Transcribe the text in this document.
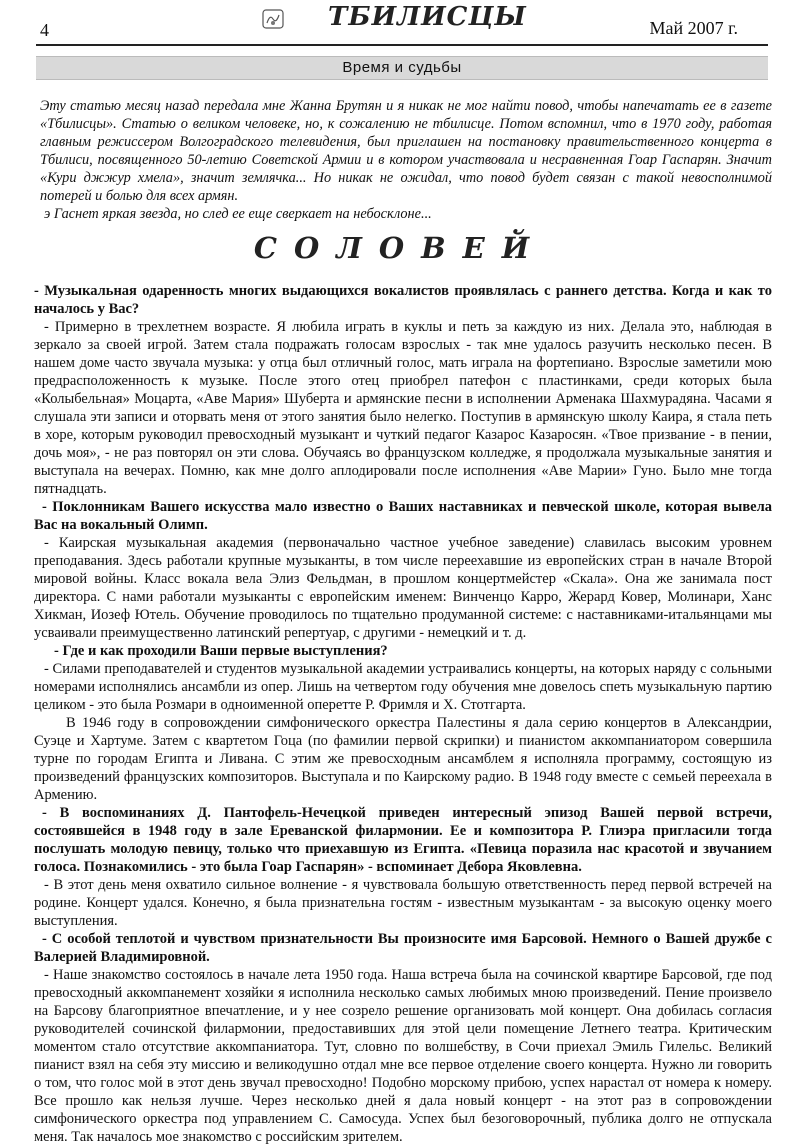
4	ТБИЛИСЦЫ	Май 2007 г.
Время и судьбы

Эту статью месяц назад передала мне Жанна Брутян и я никак не мог найти повод, чтобы напечатать ее в газете «Тбилисцы». Статью о великом человеке, но, к сожалению не тбилисце. Потом вспомнил, что в 1970 году, работая главным режиссером Волгоградского телевидения, был приглашен на постановку правительственного концерта в Тбилиси, посвященного 50-летию Советской Армии и в котором участвовала и несравненная Гоар Гаспарян. Значит «Кури джжур хмела», значит землячка... Но никак не ожидал, что повод будет связан с такой невосполнимой потерей и болью для всех армян.

э Гаснет яркая звезда, но след ее еще сверкает на небосклоне...

СОЛОВЕЙ

- Музыкальная одаренность многих выдающихся вокалистов проявлялась с раннего детства. Когда и как то началось у Вас?

- Примерно в трехлетнем возрасте. Я любила играть в куклы и петь за каждую из них. Делала это, наблюдая в зеркало за своей игрой. Затем стала подражать голосам взрослых - так мне удалось разучить несколько песен. В нашем доме часто звучала музыка: у отца был отличный голос, мать играла на фортепиано. Взрослые заметили мою предрасположенность к музыке. После этого отец приобрел патефон с пластинками, среди которых была «Колыбельная» Моцарта, «Аве Мария» Шуберта и армянские песни в исполнении Арменака Шахмурадяна. Часами я слушала эти записи и оторвать меня от этого занятия было нелегко. Поступив в армянскую школу Каира, я стала петь в хоре, которым руководил превосходный музыкант и чуткий педагог Казарос Казаросян. «Твое призвание - в пении, дочь моя», - не раз повторял он эти слова. Обучаясь во французском колледже, я продолжала музыкальные занятия и выступала на вечерах. Помню, как мне долго аплодировали после исполнения «Аве Марии» Гуно. Было мне тогда пятнадцать.

- Поклонникам Вашего искусства мало известно о Ваших наставниках и певческой школе, которая вывела Вас на вокальный Олимп.

- Каирская музыкальная академия (первоначально частное учебное заведение) славилась высоким уровнем преподавания. Здесь работали крупные музыканты, в том числе переехавшие из европейских стран в начале Второй мировой войны. Класс вокала вела Элиз Фельдман, в прошлом концертмейстер «Скала». Она же занимала пост директора. С нами работали музыканты с европейским именем: Винченцо Карро, Жерард Ковер, Молинари, Ханс Хикман, Иозеф Ютель. Обучение проводилось по тщательно продуманной системе: с наставниками-итальянцами мы усваивали преимущественно латинский репертуар, с другими - немецкий и т. д.

- Где и как проходили Ваши первые выступления?

- Силами преподавателей и студентов музыкальной академии устраивались концерты, на которых наряду с сольными номерами исполнялись ансамбли из опер. Лишь на четвертом году обучения мне довелось спеть музыкальную партию целиком - это была Розмари в одноименной оперетте Р. Фримля и Х. Стотгарта.

В 1946 году в сопровождении симфонического оркестра Палестины я дала серию концертов в Александрии, Суэце и Хартуме. Затем с квартетом Гоца (по фамилии первой скрипки) и пианистом аккомпаниатором совершила турне по городам Египта и Ливана. С этим же превосходным ансамблем я исполняла программу, состоящую из произведений французских композиторов. Выступала и по Каирскому радио. В 1948 году вместе с семьей переехала в Армению.

- В воспоминаниях Д. Пантофель-Нечецкой приведен интересный эпизод Вашей первой встречи, состоявшейся в 1948 году в зале Ереванской филармонии. Ее и композитора Р. Глиэра пригласили тогда послушать молодую певицу, только что приехавшую из Египта. «Певица поразила нас красотой и звучанием голоса. Познакомились - это была Гоар Гаспарян» - вспоминает Дебора Яковлевна.

- В этот день меня охватило сильное волнение - я чувствовала большую ответственность перед первой встречей на родине. Концерт удался. Конечно, я была признательна гостям - известным музыкантам - за высокую оценку моего выступления.

- С особой теплотой и чувством признательности Вы произносите имя Барсовой. Немного о Вашей дружбе с Валерией Владимировной.

- Наше знакомство состоялось в начале лета 1950 года. Наша встреча была на сочинской квартире Барсовой, где под превосходный аккомпанемент хозяйки я исполнила несколько самых любимых мною произведений. Пение произвело на Барсову благоприятное впечатление, и у нее созрело решение организовать мой концерт. Она добилась согласия руководителей сочинской филармонии, предоставивших для этой цели помещение Летнего театра. Критическим моментом стало отсутствие аккомпаниатора. Тут, словно по волшебству, в Сочи приехал Эмиль Гилельс. Великий пианист взял на себя эту миссию и великодушно отдал мне все первое отделение своего концерта. Нужно ли говорить о том, что голос мой в этот день звучал превосходно! Подобно морскому прибою, успех нарастал от номера к номеру. Все прошло как нельзя лучше. Через несколько дней я дала новый концерт - на этот раз в сопровождении симфонического оркестра под управлением С. Самосуда. Успех был безоговорочный, публика долго не отпускала меня. Так началось мое знакомство с российским зрителем.
